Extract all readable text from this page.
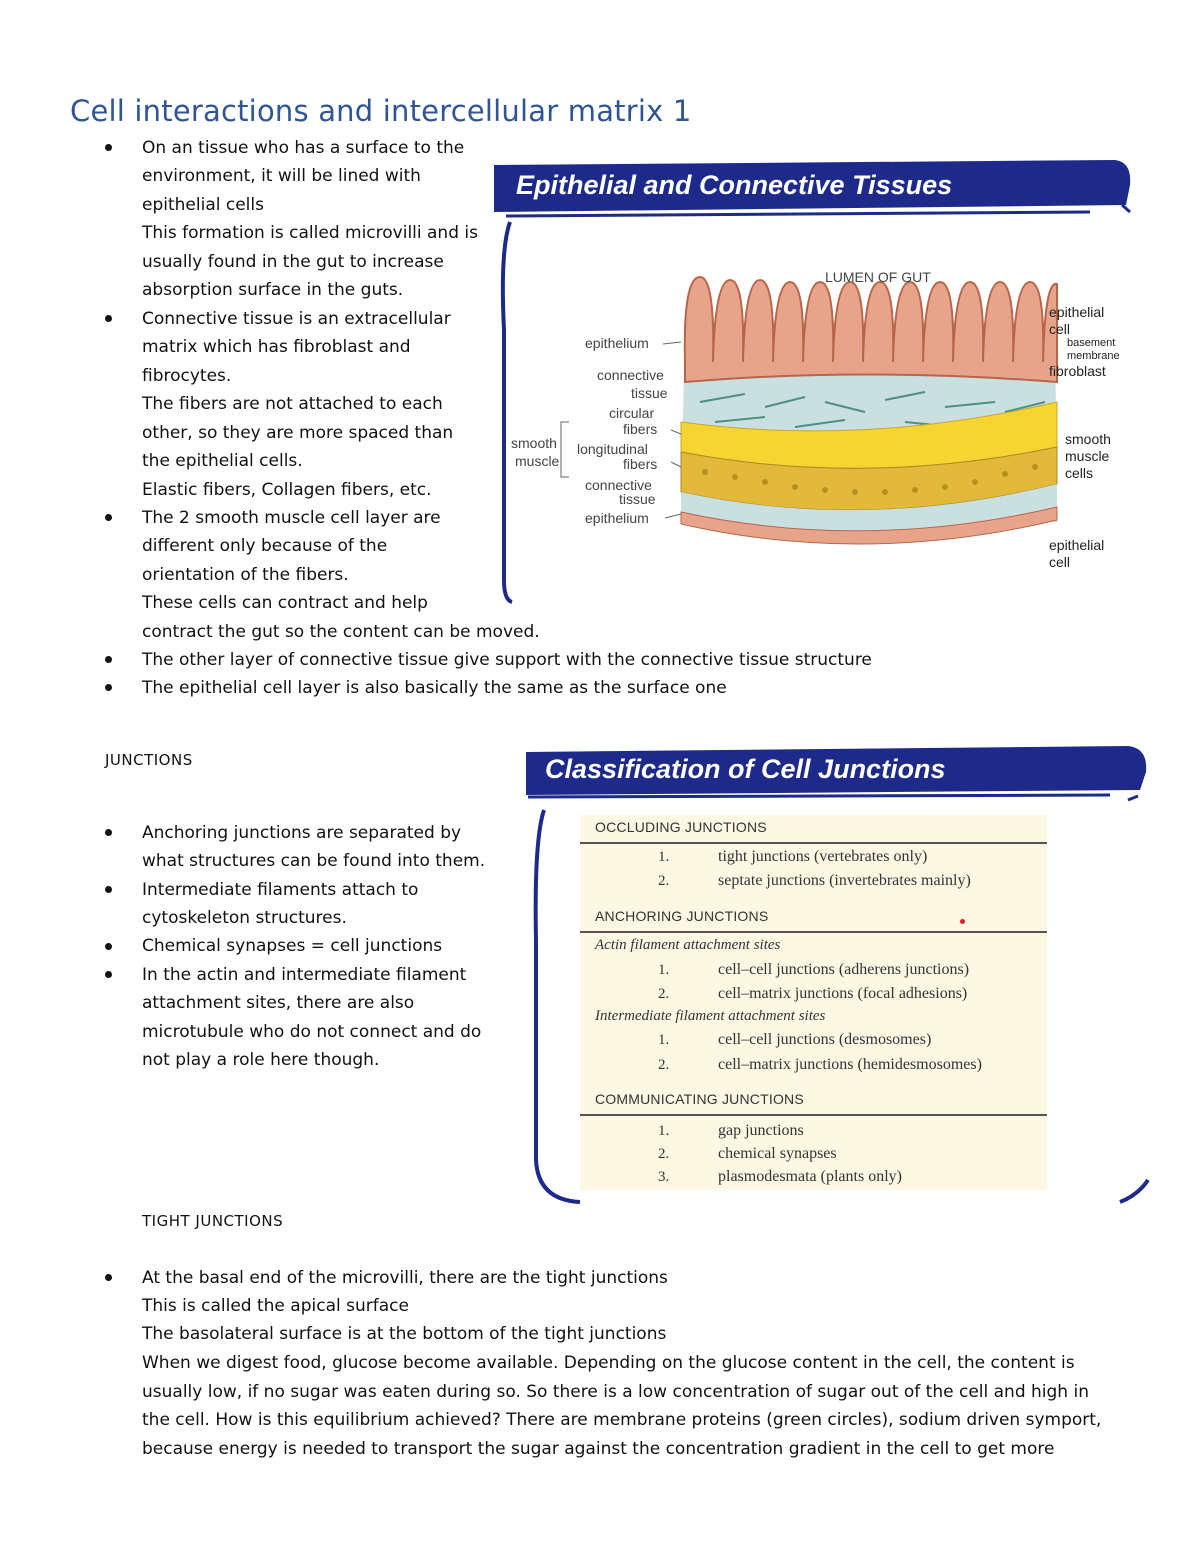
Cell interactions and intercellular matrix 1
On an tissue who has a surface to the
environment, it will be lined with
epithelial cells
This formation is called microvilli and is
usually found in the gut to increase
absorption surface in the guts.
Connective tissue is an extracellular
matrix which has fibroblast and
fibrocytes.
The fibers are not attached to each
other, so they are more spaced than
the epithelial cells.
Elastic fibers, Collagen fibers, etc.
The 2 smooth muscle cell layer are
different only because of the
orientation of the fibers.
These cells can contract and help
contract the gut so the content can be moved.
The other layer of connective tissue give support with the connective tissue structure
The epithelial cell layer is also basically the same as the surface one
Epithelial and Connective Tissues
epithelium
connective
tissue
circular
fibers
smooth
muscle
longitudinal
fibers
connective
tissue
epithelium
LUMEN OF GUT
epithelial
cell
basement
membrane
fibroblast
smooth
muscle
cells
epithelial
cell
JUNCTIONS
Anchoring junctions are separated by
what structures can be found into them.
Intermediate filaments attach to
cytoskeleton structures.
Chemical synapses = cell junctions
In the actin and intermediate filament
attachment sites, there are also
microtubule who do not connect and do
not play a role here though.
Classification of Cell Junctions
OCCLUDING JUNCTIONS
1.	tight junctions (vertebrates only)
2.	septate junctions (invertebrates mainly)
ANCHORING JUNCTIONS
Actin filament attachment sites
1.	cell–cell junctions (adherens junctions)
2.	cell–matrix junctions (focal adhesions)
Intermediate filament attachment sites
1.	cell–cell junctions (desmosomes)
2.	cell–matrix junctions (hemidesmosomes)
COMMUNICATING JUNCTIONS
1.	gap junctions
2.	chemical synapses
3.	plasmodesmata (plants only)
TIGHT JUNCTIONS
At the basal end of the microvilli, there are the tight junctions
This is called the apical surface
The basolateral surface is at the bottom of the tight junctions
When we digest food, glucose become available. Depending on the glucose content in the cell, the content is
usually low, if no sugar was eaten during so. So there is a low concentration of sugar out of the cell and high in
the cell. How is this equilibrium achieved? There are membrane proteins (green circles), sodium driven symport,
because energy is needed to transport the sugar against the concentration gradient in the cell to get more
